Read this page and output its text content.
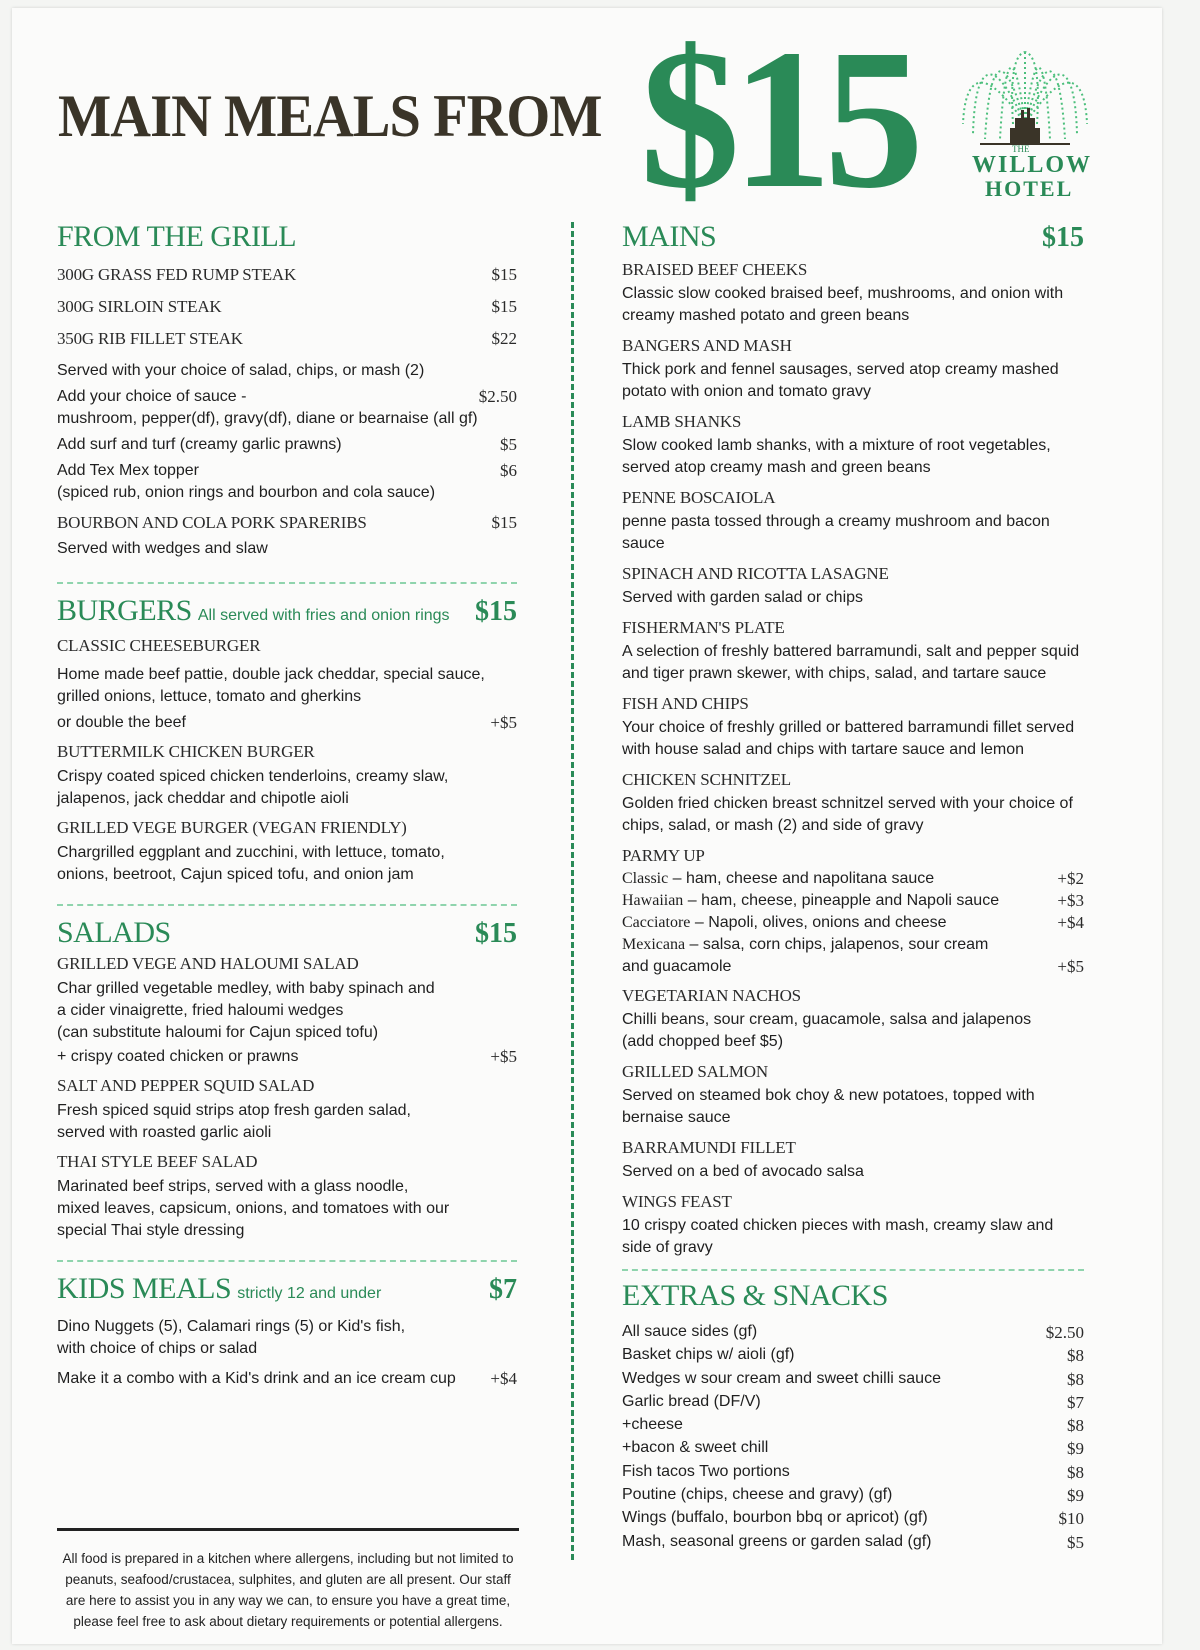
MAIN MEALS FROM $15	THE
WILLOW
HOTEL
FROM THE GRILL
300G GRASS FED RUMP STEAK	$15
300G SIRLOIN STEAK	$15
350G RIB FILLET STEAK	$22
Served with your choice of salad, chips, or mash (2)
Add your choice of sauce -
mushroom, pepper(df), gravy(df), diane or bearnaise (all gf)
$2.50
Add surf and turf (creamy garlic prawns)	$5
Add Tex Mex topper
(spiced rub, onion rings and bourbon and cola sauce)
$6
BOURBON AND COLA PORK SPARERIBS	$15
Served with wedges and slaw
BURGERS All served with fries and onion rings $15
CLASSIC CHEESEBURGER
Home made beef pattie, double jack cheddar, special sauce,
grilled onions, lettuce, tomato and gherkins
or double the beef	+$5
BUTTERMILK CHICKEN BURGER
Crispy coated spiced chicken tenderloins, creamy slaw,
jalapenos, jack cheddar and chipotle aioli
GRILLED VEGE BURGER (VEGAN FRIENDLY)
Chargrilled eggplant and zucchini, with lettuce, tomato,
onions, beetroot, Cajun spiced tofu, and onion jam
SALADS	$15
GRILLED VEGE AND HALOUMI SALAD
Char grilled vegetable medley, with baby spinach and
a cider vinaigrette, fried haloumi wedges
(can substitute haloumi for Cajun spiced tofu)
+ crispy coated chicken or prawns	+$5
SALT AND PEPPER SQUID SALAD
Fresh spiced squid strips atop fresh garden salad,
served with roasted garlic aioli
THAI STYLE BEEF SALAD
Marinated beef strips, served with a glass noodle,
mixed leaves, capsicum, onions, and tomatoes with our
special Thai style dressing
KIDS MEALS strictly 12 and under	$7
Dino Nuggets (5), Calamari rings (5) or Kid's fish,
with choice of chips or salad
Make it a combo with a Kid's drink and an ice cream cup +$4
All food is prepared in a kitchen where allergens, including but not limited to
peanuts, seafood/crustacea, sulphites, and gluten are all present. Our staff
are here to assist you in any way we can, to ensure you have a great time,
please feel free to ask about dietary requirements or potential allergens.
MAINS	$15
BRAISED BEEF CHEEKS
Classic slow cooked braised beef, mushrooms, and onion with
creamy mashed potato and green beans
BANGERS AND MASH
Thick pork and fennel sausages, served atop creamy mashed
potato with onion and tomato gravy
LAMB SHANKS
Slow cooked lamb shanks, with a mixture of root vegetables,
served atop creamy mash and green beans
PENNE BOSCAIOLA
penne pasta tossed through a creamy mushroom and bacon sauce
SPINACH AND RICOTTA LASAGNE
Served with garden salad or chips
FISHERMAN'S PLATE
A selection of freshly battered barramundi, salt and pepper squid
and tiger prawn skewer, with chips, salad, and tartare sauce
FISH AND CHIPS
Your choice of freshly grilled or battered barramundi fillet served
with house salad and chips with tartare sauce and lemon
CHICKEN SCHNITZEL
Golden fried chicken breast schnitzel served with your choice of
chips, salad, or mash (2) and side of gravy
PARMY UP
Classic – ham, cheese and napolitana sauce	+$2
Hawaiian – ham, cheese, pineapple and Napoli sauce	+$3
Cacciatore – Napoli, olives, onions and cheese	+$4
Mexicana – salsa, corn chips, jalapenos, sour cream
and guacamole	+$5
VEGETARIAN NACHOS
Chilli beans, sour cream, guacamole, salsa and jalapenos
(add chopped beef $5)
GRILLED SALMON
Served on steamed bok choy & new potatoes, topped with
bernaise sauce
BARRAMUNDI FILLET
Served on a bed of avocado salsa
WINGS FEAST
10 crispy coated chicken pieces with mash, creamy slaw and
side of gravy
EXTRAS & SNACKS
All sauce sides (gf)	$2.50
Basket chips w/ aioli (gf)	$8
Wedges w sour cream and sweet chilli sauce	$8
Garlic bread (DF/V)	$7
+cheese	$8
+bacon & sweet chill	$9
Fish tacos Two portions	$8
Poutine (chips, cheese and gravy) (gf)	$9
Wings (buffalo, bourbon bbq or apricot) (gf)	$10
Mash, seasonal greens or garden salad (gf)	$5
